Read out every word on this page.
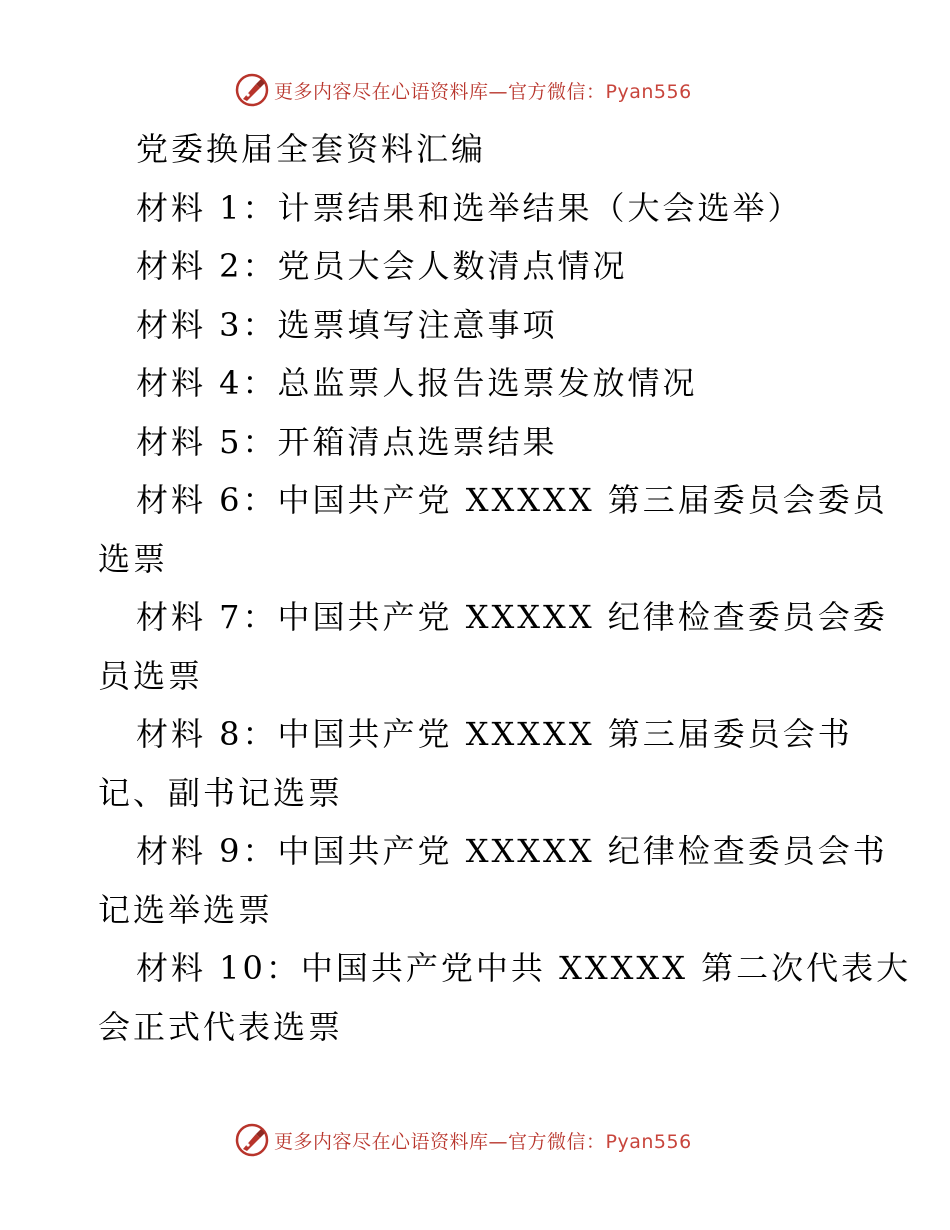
更多内容尽在心语资料库—官方微信：Pyan556
党委换届全套资料汇编
材料 1：计票结果和选举结果（大会选举）
材料 2：党员大会人数清点情况
材料 3：选票填写注意事项
材料 4：总监票人报告选票发放情况
材料 5：开箱清点选票结果
材料 6：中国共产党 XXXXX 第三届委员会委员
选票
材料 7：中国共产党 XXXXX 纪律检查委员会委
员选票
材料 8：中国共产党 XXXXX 第三届委员会书
记、副书记选票
材料 9：中国共产党 XXXXX 纪律检查委员会书
记选举选票
材料 10：中国共产党中共 XXXXX 第二次代表大
会正式代表选票
更多内容尽在心语资料库—官方微信：Pyan556
